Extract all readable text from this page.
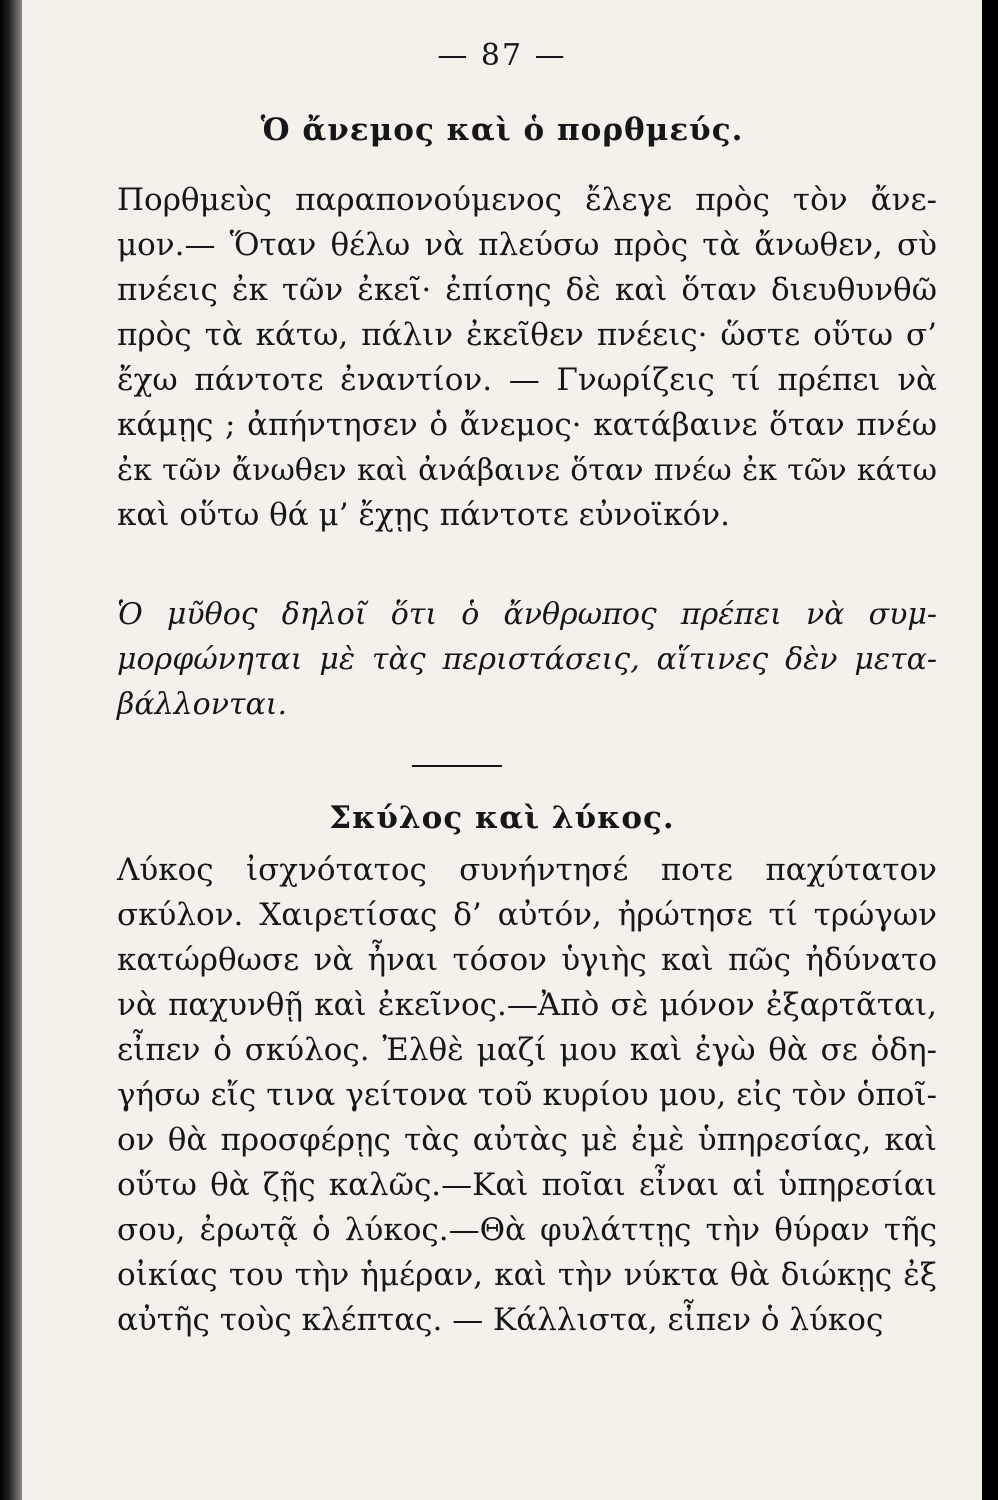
— 87 —
Ὁ ἄνεμος καὶ ὁ πορθμεύς.
Πορθμεὺς παραπονούμενος ἔλεγε πρὸς τὸν ἄνε-
μον.— Ὅταν θέλω νὰ πλεύσω πρὸς τὰ ἄνωθεν, σὺ
πνέεις ἐκ τῶν ἐκεῖ· ἐπίσης δὲ καὶ ὅταν διευθυνθῶ
πρὸς τὰ κάτω, πάλιν ἐκεῖθεν πνέεις· ὥστε οὕτω σ’
ἔχω πάντοτε ἐναντίον. — Γνωρίζεις τί πρέπει νὰ
κάμῃς ; ἀπήντησεν ὁ ἄνεμος· κατάβαινε ὅταν πνέω
ἐκ τῶν ἄνωθεν καὶ ἀνάβαινε ὅταν πνέω ἐκ τῶν κάτω
καὶ οὕτω θά μ’ ἔχῃς πάντοτε εὐνοϊκόν.
Ὁ μῦθος δηλοῖ ὅτι ὁ ἄνθρωπος πρέπει νὰ συμ-
μορφώνηται μὲ τὰς περιστάσεις, αἵτινες δὲν μετα-
βάλλονται.
Σκύλος καὶ λύκος.
Λύκος ἰσχνότατος συνήντησέ ποτε παχύτατον
σκύλον. Χαιρετίσας δ’ αὐτόν, ἠρώτησε τί τρώγων
κατώρθωσε νὰ ἦναι τόσον ὑγιὴς καὶ πῶς ἠδύνατο
νὰ παχυνθῇ καὶ ἐκεῖνος.—Ἀπὸ σὲ μόνον ἐξαρτᾶται,
εἶπεν ὁ σκύλος. Ἐλθὲ μαζί μου καὶ ἐγὼ θὰ σε ὁδη-
γήσω εἴς τινα γείτονα τοῦ κυρίου μου, εἰς τὸν ὁποῖ-
ον θὰ προσφέρῃς τὰς αὐτὰς μὲ ἐμὲ ὑπηρεσίας, καὶ
οὕτω θὰ ζῇς καλῶς.—Καὶ ποῖαι εἶναι αἱ ὑπηρεσίαι
σου, ἐρωτᾷ ὁ λύκος.—Θὰ φυλάττῃς τὴν θύραν τῆς
οἰκίας του τὴν ἡμέραν, καὶ τὴν νύκτα θὰ διώκῃς ἐξ
αὐτῆς τοὺς κλέπτας. — Κάλλιστα, εἶπεν ὁ λύκος
